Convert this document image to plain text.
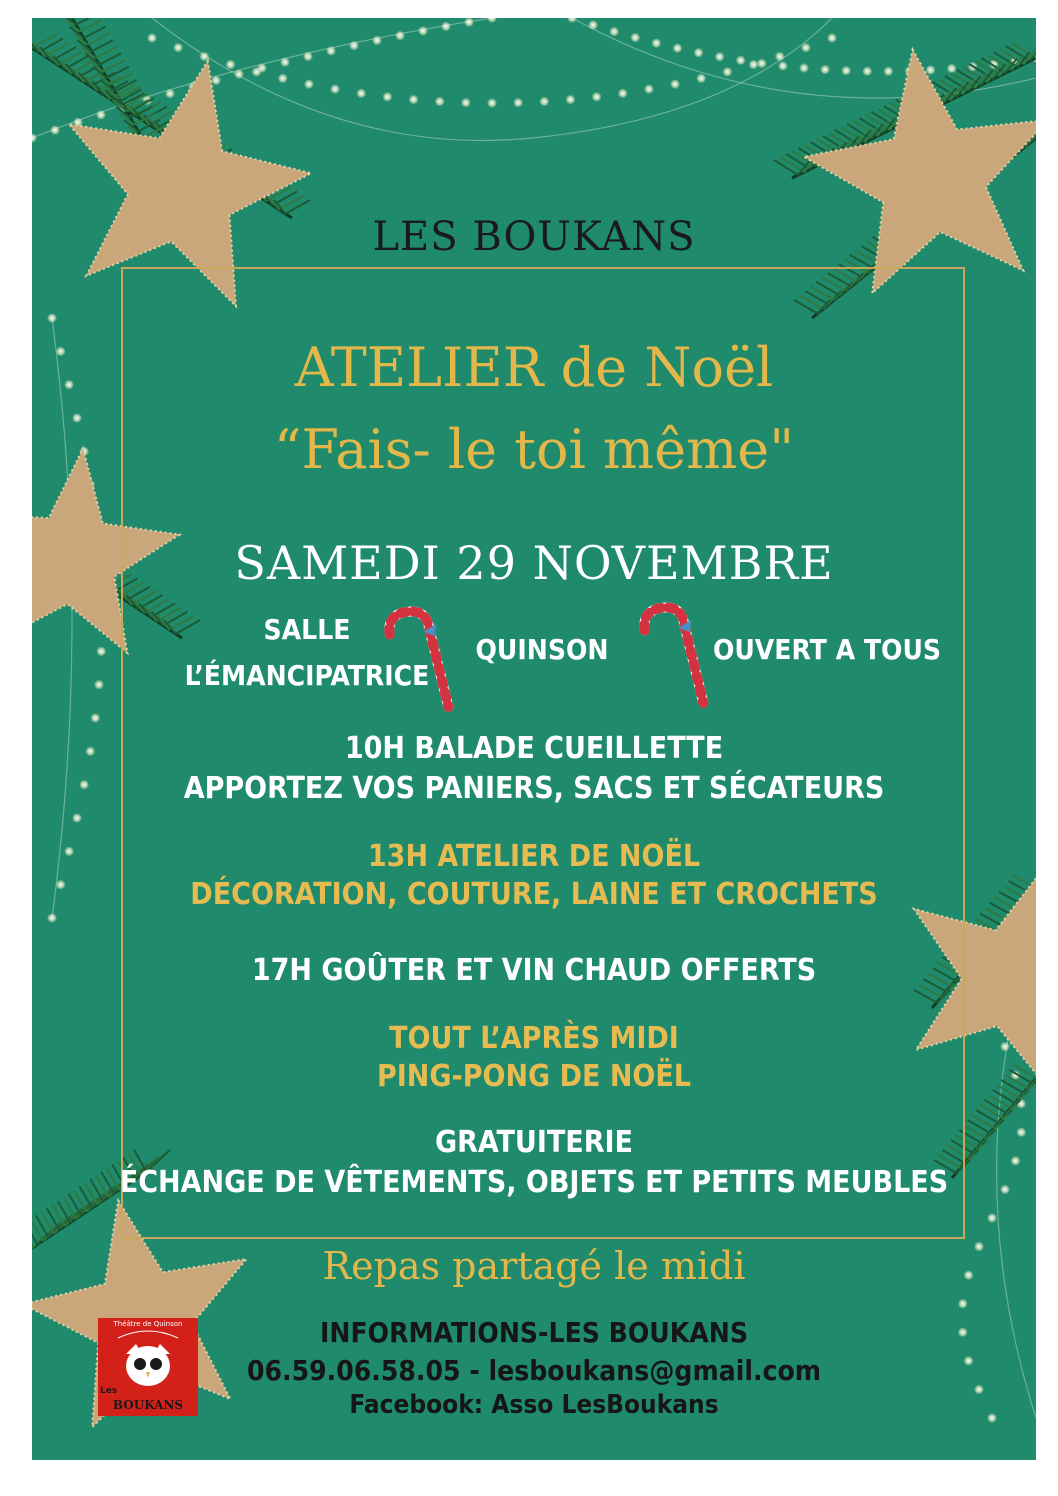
LES BOUKANS

ATELIER de Noël

“Fais- le toi même"

SAMEDI 29 NOVEMBRE

SALLE
L’ÉMANCIPATRICE
QUINSON	OUVERT A TOUS
10H BALADE CUEILLETTE
APPORTEZ VOS PANIERS, SACS ET SÉCATEURS
13H ATELIER DE NOËL
DÉCORATION, COUTURE, LAINE ET CROCHETS
17H GOÛTER ET VIN CHAUD OFFERTS
TOUT L’APRÈS MIDI
PING-PONG DE NOËL
GRATUITERIE
ÉCHANGE DE VÊTEMENTS, OBJETS ET PETITS MEUBLES

Repas partagé le midi

INFORMATIONS-LES BOUKANS
06.59.06.58.05 - lesboukans@gmail.com
Facebook: Asso LesBoukans
Théâtre de Quinson
Les
BOUKANS
